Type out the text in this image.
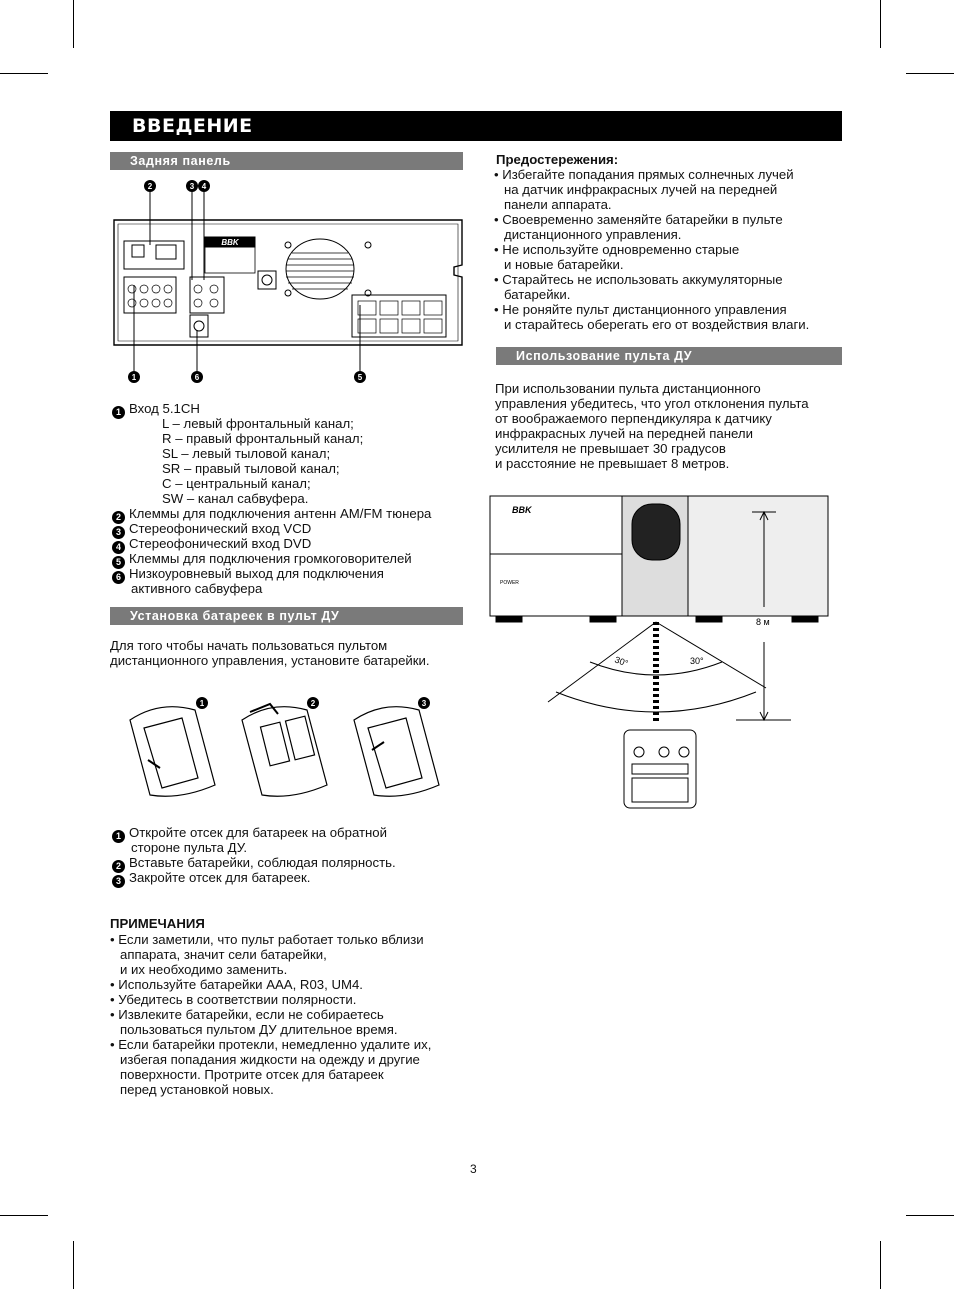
ВВЕДЕНИЕ
Задняя панель
2	3 4
1	6	5
BBK
1 Вход 5.1CH
L – левый фронтальный канал;
R – правый фронтальный канал;
SL – левый тыловой канал;
SR – правый тыловой канал;
C – центральный канал;
SW – канал сабвуфера.
2 Клеммы для подключения антенн AM/FM тюнера
3 Стереофонический вход VCD
4 Стереофонический вход DVD
5 Клеммы для подключения громкоговорителей
6 Низкоуровневый выход для подключения
активного сабвуфера
Установка батареек в пульт ДУ
Для того чтобы начать пользоваться пультом
дистанционного управления, установите батарейки.
1	2	3
1 Откройте отсек для батареек на обратной
стороне пульта ДУ.
2 Вставьте батарейки, соблюдая полярность.
3 Закройте отсек для батареек.
ПРИМЕЧАНИЯ
• Если заметили, что пульт работает только вблизи
аппарата, значит сели батарейки,
и их необходимо заменить.
• Используйте батарейки AAA, R03, UM4.
• Убедитесь в соответствии полярности.
• Извлеките батарейки, если не собираетесь
пользоваться пультом ДУ длительное время.
• Если батарейки протекли, немедленно удалите их,
избегая попадания жидкости на одежду и другие
поверхности. Протрите отсек для батареек
перед установкой новых.
Предостережения:
• Избегайте попадания прямых солнечных лучей
на датчик инфракрасных лучей на передней
панели аппарата.
• Своевременно заменяйте батарейки в пульте
дистанционного управления.
• Не используйте одновременно старые
и новые батарейки.
• Старайтесь не использовать аккумуляторные
батарейки.
• Не роняйте пульт дистанционного управления
и старайтесь оберегать его от воздействия влаги.
Использование пульта ДУ
При использовании пульта дистанционного
управления убедитесь, что угол отклонения пульта
от воображаемого перпендикуляра к датчику
инфракрасных лучей на передней панели
усилителя не превышает 30 градусов
и расстояние не превышает 8 метров.
BBK
POWER
8 м
30°	30°
3
